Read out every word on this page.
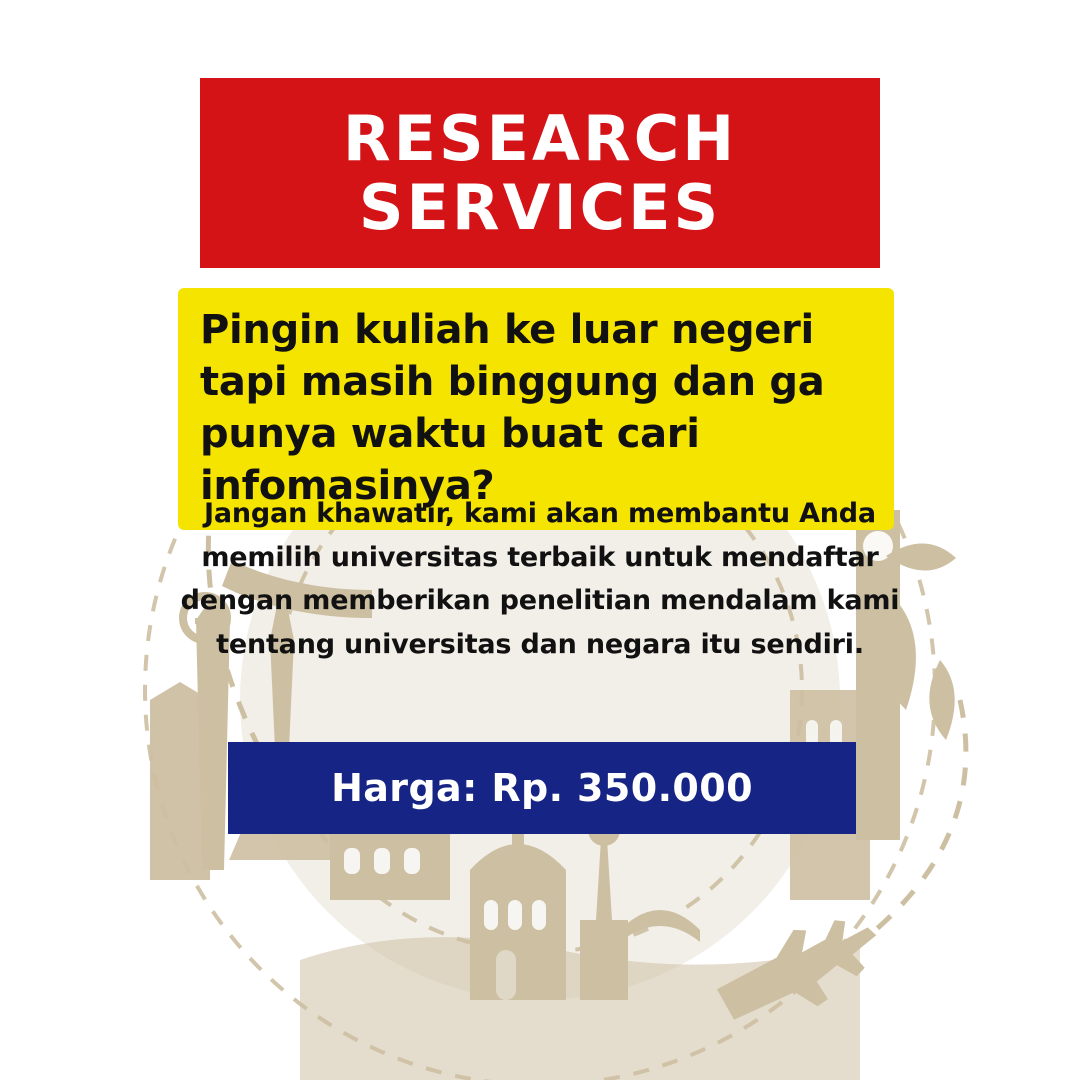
RESEARCH
SERVICES
Pingin kuliah ke luar negeri tapi masih binggung dan ga punya waktu buat cari infomasinya?
Jangan khawatir, kami akan membantu Anda memilih universitas terbaik untuk mendaftar dengan memberikan penelitian mendalam kami tentang universitas dan negara itu sendiri.
Harga: Rp. 350.000
